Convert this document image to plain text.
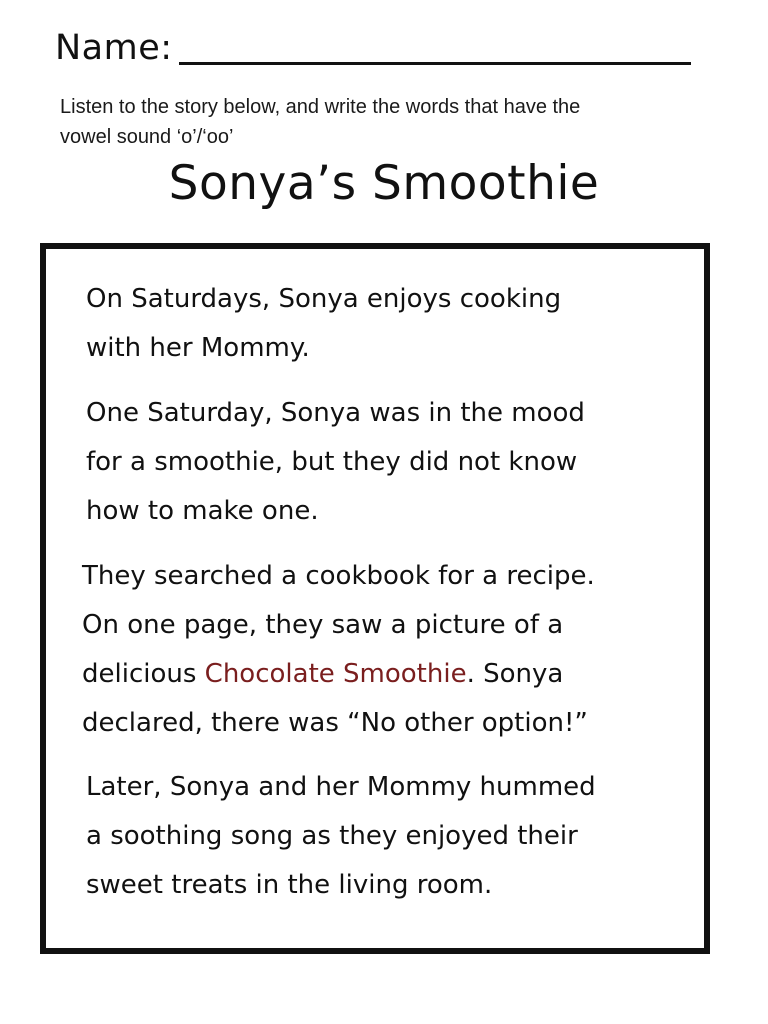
Name:
Listen to the story below, and write the words that have the
vowel sound ‘o’/‘oo’
Sonya’s Smoothie

On Saturdays, Sonya enjoys cooking
with her Mommy.

One Saturday, Sonya was in the mood
for a smoothie, but they did not know
how to make one.

They searched a cookbook for a recipe.
On one page, they saw a picture of a
delicious Chocolate Smoothie. Sonya
declared, there was “No other option!”

Later, Sonya and her Mommy hummed
a soothing song as they enjoyed their
sweet treats in the living room.
